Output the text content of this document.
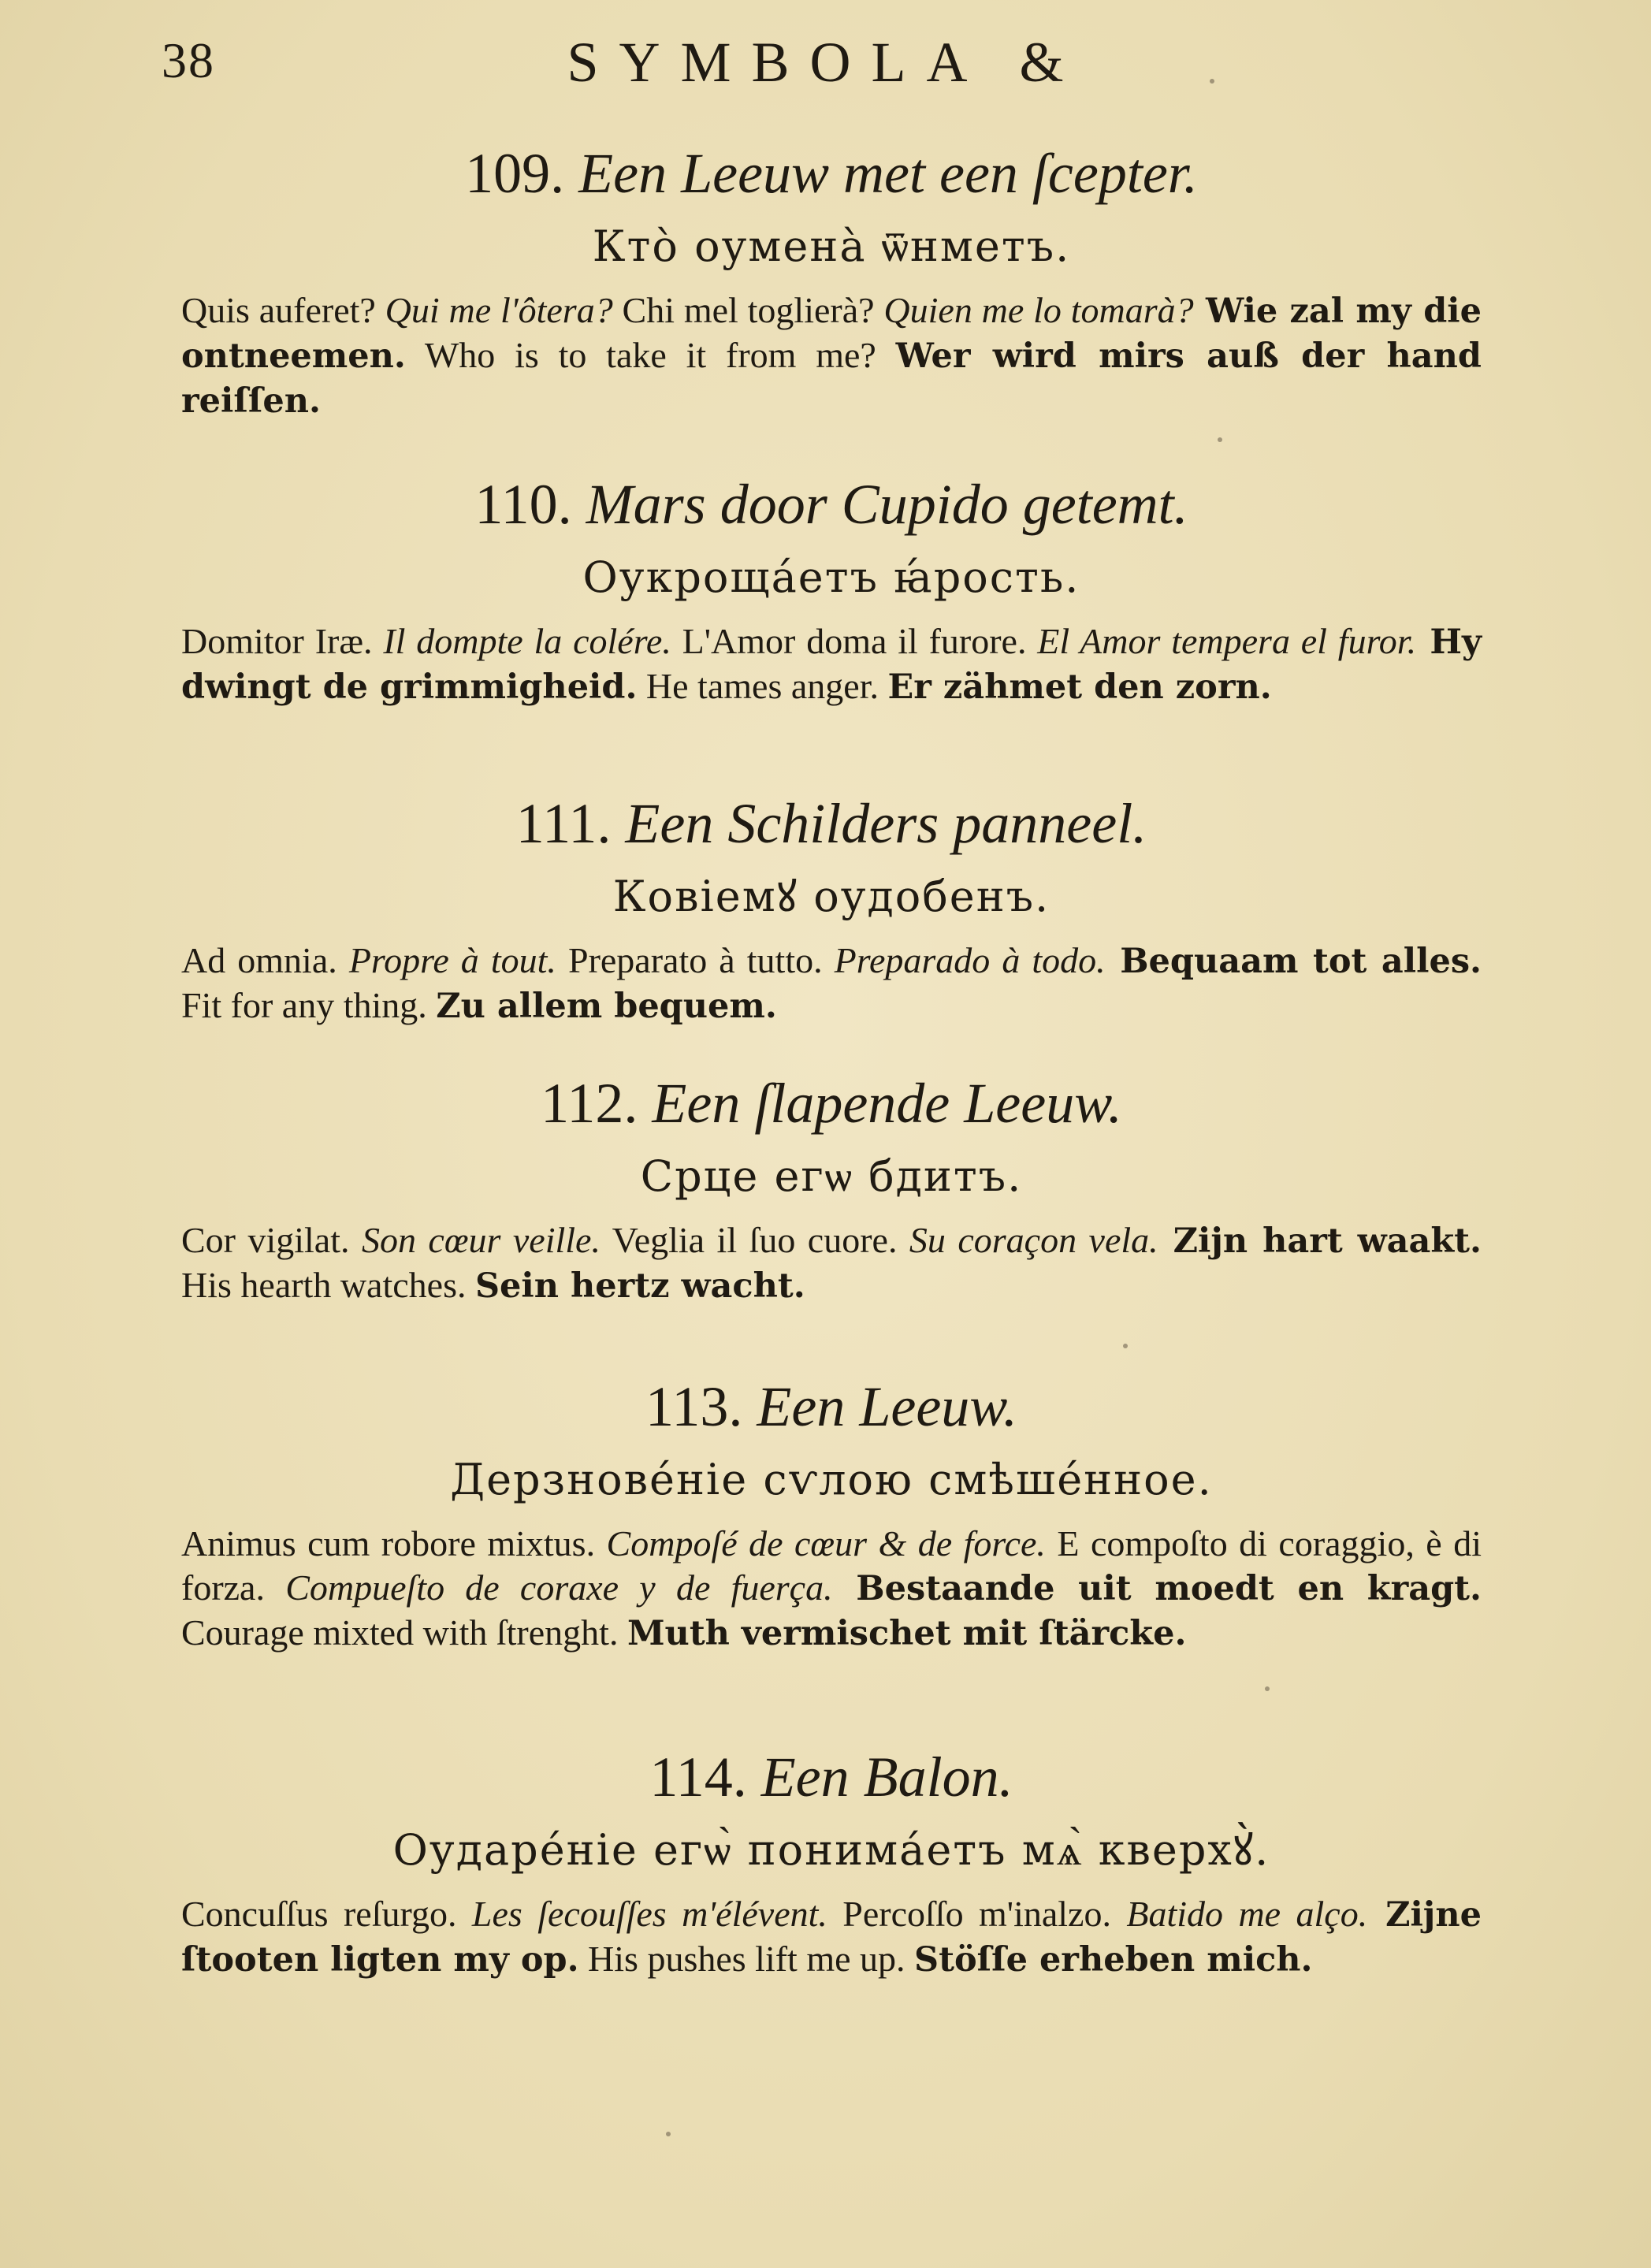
38	SYMBOLA &
109. Een Leeuw met een ſcepter.
Ктò оуменà ѿнметъ.
Quis auferet? Qui me l'ôtera? Chi mel toglierà? Quien me lo tomarà? Wie zal my die ontneemen. Who is to take it from me? Wer wird mirs auß der hand reiſſen.
110. Mars door Cupido getemt.
Оукрощáетъ ꙗ́рость.
Domitor Iræ. Il dompte la colére. L'Amor doma il furore. El Amor tempera el furor. Hy dwingt de grimmigheid. He tames anger. Er zähmet den zorn.
111. Een Schilders panneel.
Ковіемꙋ оудобенъ.
Ad omnia. Propre à tout. Preparato à tutto. Preparado à todo. Bequaam tot alles. Fit for any thing. Zu allem bequem.
112. Een ſlapende Leeuw.
Срце егѡ бдитъ.
Cor vigilat. Son cœur veille. Veglia il ſuo cuore. Su coraçon vela. Zijn hart waakt. His hearth watches. Sein hertz wacht.
113. Een Leeuw.
Дерзновéніе сѵлою смѣшéнное.
Animus cum robore mixtus. Compoſé de cœur & de force. E compoſto di coraggio, è di forza. Compueſto de coraxe y de fuerça. Bestaande uit moedt en kragt. Courage mixted with ſtrenght. Muth vermischet mit ſtärcke.
114. Een Balon.
Оударéніе егѡ̀ понимáетъ мѧ̀ кверхꙋ̀.
Concuſſus reſurgo. Les ſecouſſes m'élévent. Percoſſo m'inalzo. Batido me alço. Zijne ſtooten ligten my op. His pushes lift me up. Stöſſe erheben mich.
